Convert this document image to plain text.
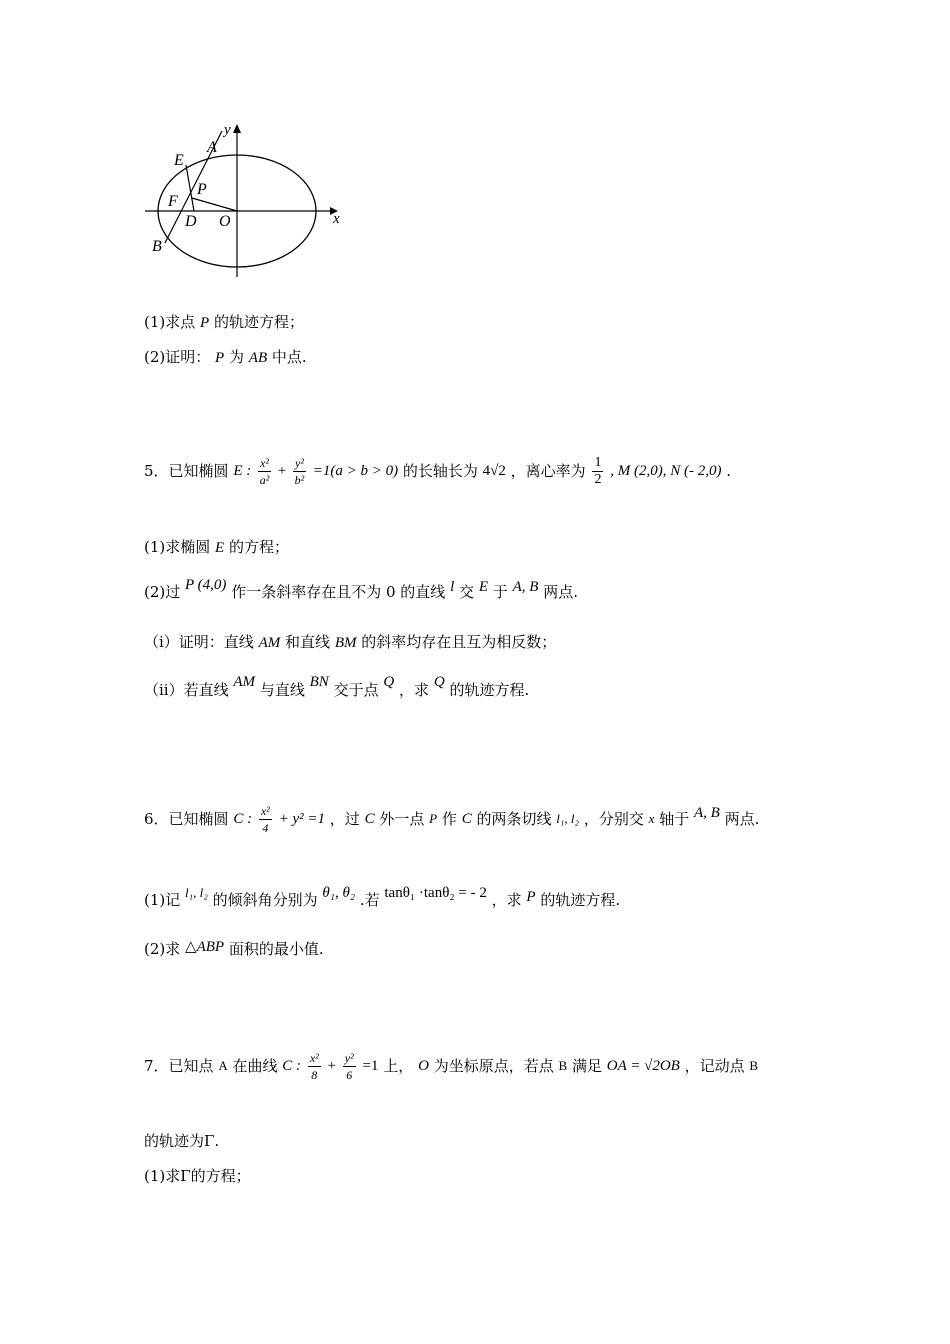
y
A
E
P
F
D O	x
B
(1)求点 P 的轨迹方程；
(2)证明： P 为 AB 中点.
5．已知椭圆 E : $\frac{\text{x²}}{\text{a²}} + \frac{\text{y²}}{\text{b²}} =1(a > b > 0)$ 的长轴长为 4√2 ，离心率为 $\frac{1}{2}$ , M (2,0), N (- 2,0) .
(1)求椭圆 E 的方程；
(2)过 P (4,0) 作一条斜率存在且不为 0 的直线 l 交 E 于 A, B 两点.
（i）证明：直线 AM 和直线 BM 的斜率均存在且互为相反数；
（ii）若直线 AM 与直线 BN 交于点 Q ，求 Q 的轨迹方程.
6．已知椭圆 C : $\frac{\text{x²}}{4} + y^2 =1$ ，过 C 外一点 P 作 C 的两条切线 l₁, l₂ ，分别交 x 轴于 A, B 两点.
(1)记 l₁, l₂ 的倾斜角分别为 θ₁, θ₂ .若 tanθ₁ ·tanθ₂ = - 2 ，求 P 的轨迹方程.
(2)求 △ABP 面积的最小值.
7．已知点 A 在曲线 C : $\frac{\text{x²}}{8} + \frac{\text{y²}}{6} =1$ 上， O 为坐标原点，若点 B 满足 OA = √2OB ，记动点 B
的轨迹为Γ.
(1)求Γ的方程；
